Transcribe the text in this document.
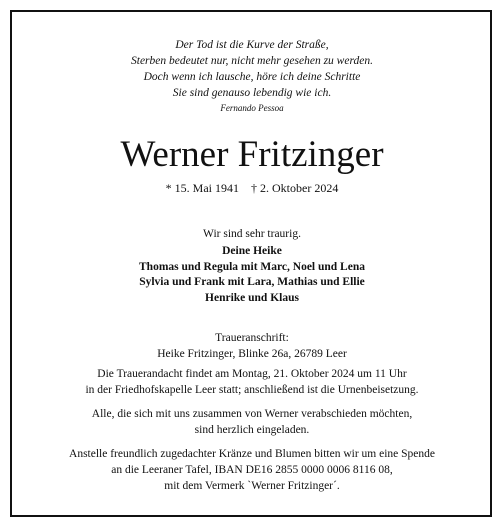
Der Tod ist die Kurve der Straße,
Sterben bedeutet nur, nicht mehr gesehen zu werden.
Doch wenn ich lausche, höre ich deine Schritte
Sie sind genauso lebendig wie ich.
Fernando Pessoa
Werner Fritzinger
* 15. Mai 1941    † 2. Oktober 2024
Wir sind sehr traurig.
Deine Heike
Thomas und Regula mit Marc, Noel und Lena
Sylvia und Frank mit Lara, Mathias und Ellie
Henrike und Klaus
Traueranschrift:
Heike Fritzinger, Blinke 26a, 26789 Leer
Die Trauerandacht findet am Montag, 21. Oktober 2024 um 11 Uhr
in der Friedhofskapelle Leer statt; anschließend ist die Urnenbeisetzung.
Alle, die sich mit uns zusammen von Werner verabschieden möchten,
sind herzlich eingeladen.
Anstelle freundlich zugedachter Kränze und Blumen bitten wir um eine Spende
an die Leeraner Tafel, IBAN DE16 2855 0000 0006 8116 08,
mit dem Vermerk `Werner Fritzinger´.
